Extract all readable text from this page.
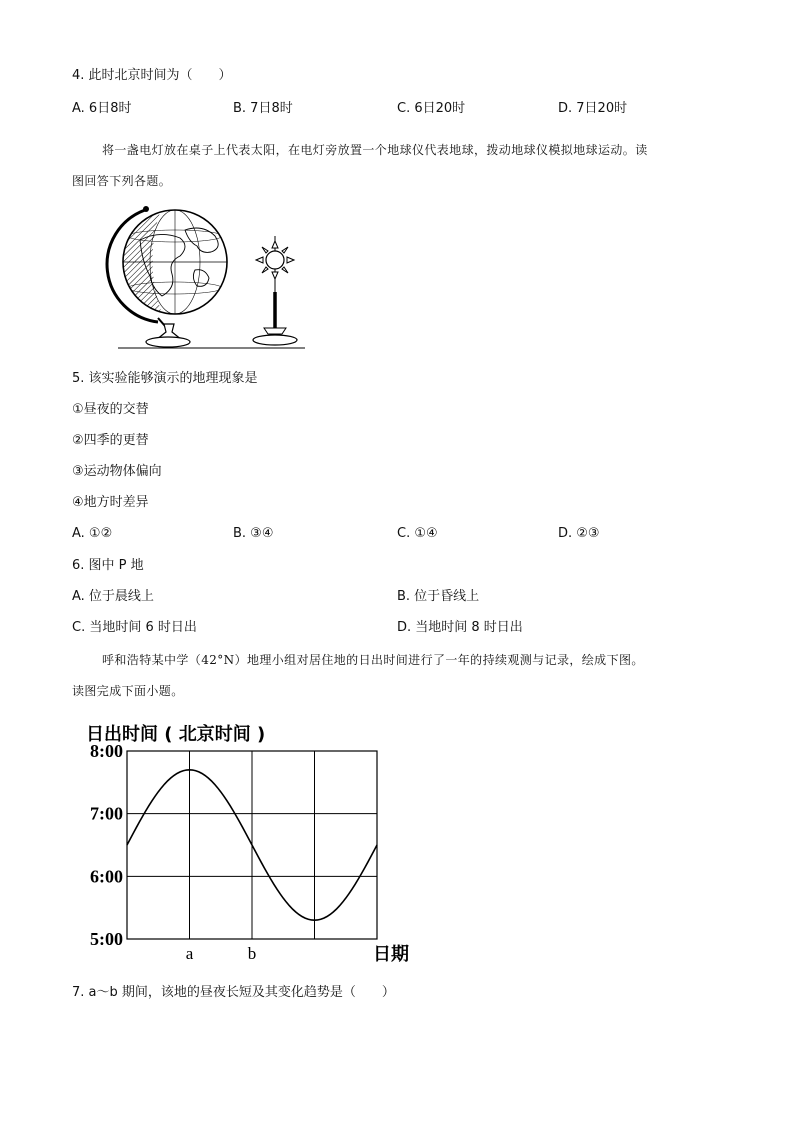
4. 此时北京时间为（　　）
A. 6日8时	B. 7日8时	C. 6日20时	D. 7日20时
将一盏电灯放在桌子上代表太阳，在电灯旁放置一个地球仪代表地球，拨动地球仪模拟地球运动。读
图回答下列各题。
5. 该实验能够演示的地理现象是
①昼夜的交替
②四季的更替
③运动物体偏向
④地方时差异
A. ①②	B. ③④	C. ①④	D. ②③
6. 图中 P 地
A. 位于晨线上	B. 位于昏线上
C. 当地时间 6 时日出	D. 当地时间 8 时日出
呼和浩特某中学（42°N）地理小组对居住地的日出时间进行了一年的持续观测与记录，绘成下图。
读图完成下面小题。
日出时间 ( 北京时间 )
8:00
7:00
6:00
5:00
a	b	日期
7. a～b 期间，该地的昼夜长短及其变化趋势是（　　）
